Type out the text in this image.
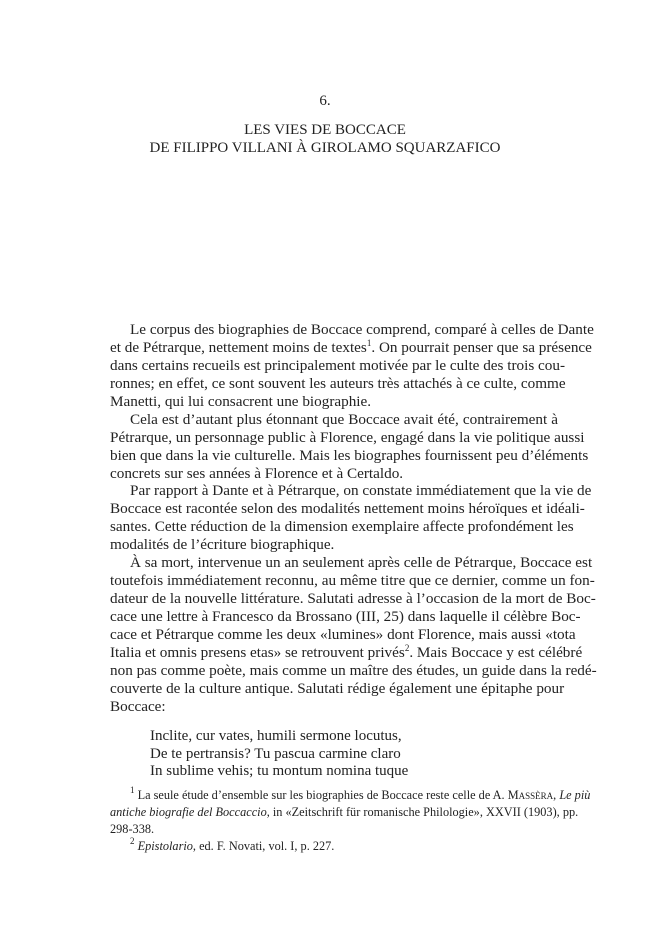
6.
LES VIES DE BOCCACE
DE FILIPPO VILLANI À GIROLAMO SQUARZAFICO
Le corpus des biographies de Boccace comprend, comparé à celles de Dante
et de Pétrarque, nettement moins de textes$^1$. On pourrait penser que sa présence
dans certains recueils est principalement motivée par le culte des trois cou-
ronnes; en effet, ce sont souvent les auteurs très attachés à ce culte, comme
Manetti, qui lui consacrent une biographie.
Cela est d’autant plus étonnant que Boccace avait été, contrairement à
Pétrarque, un personnage public à Florence, engagé dans la vie politique aussi
bien que dans la vie culturelle. Mais les biographes fournissent peu d’éléments
concrets sur ses années à Florence et à Certaldo.
Par rapport à Dante et à Pétrarque, on constate immédiatement que la vie de
Boccace est racontée selon des modalités nettement moins héroïques et idéali-
santes. Cette réduction de la dimension exemplaire affecte profondément les
modalités de l’écriture biographique.
À sa mort, intervenue un an seulement après celle de Pétrarque, Boccace est
toutefois immédiatement reconnu, au même titre que ce dernier, comme un fon-
dateur de la nouvelle littérature. Salutati adresse à l’occasion de la mort de Boc-
cace une lettre à Francesco da Brossano (III, 25) dans laquelle il célèbre Boc-
cace et Pétrarque comme les deux «lumines» dont Florence, mais aussi «tota
Italia et omnis presens etas» se retrouvent privés$^2$. Mais Boccace y est célébré
non pas comme poète, mais comme un maître des études, un guide dans la redé-
couverte de la culture antique. Salutati rédige également une épitaphe pour
Boccace:
Inclite, cur vates, humili sermone locutus,
De te pertransis? Tu pascua carmine claro
In sublime vehis; tu montum nomina tuque
$^1$ La seule étude d’ensemble sur les biographies de Boccace reste celle de A. Massèra, Le più
antiche biografie del Boccaccio, in «Zeitschrift für romanische Philologie», XXVII (1903), pp.
298-338.
$^2$ Epistolario, ed. F. Novati, vol. I, p. 227.
